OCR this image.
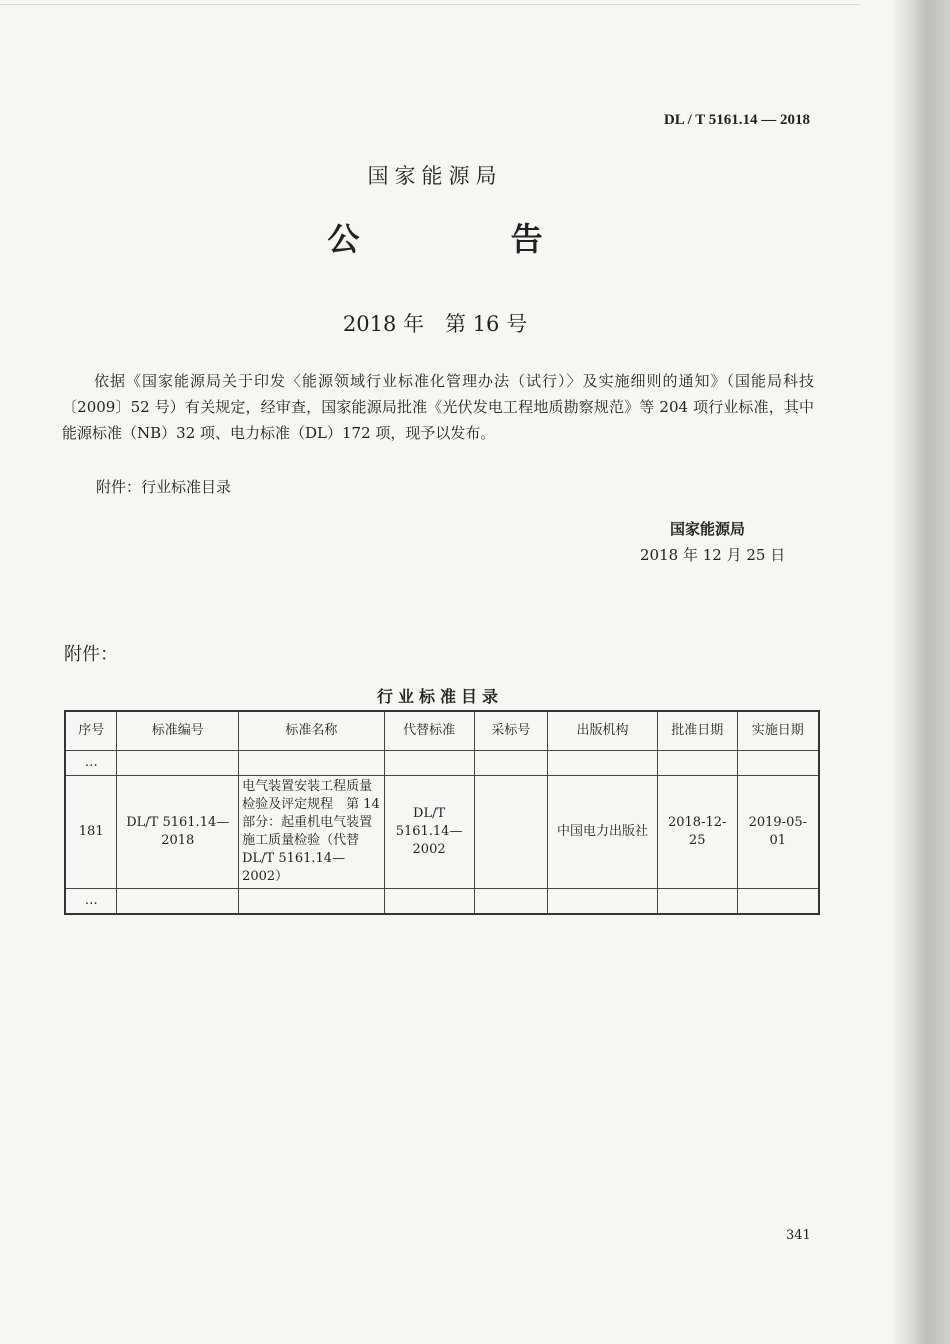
DL / T 5161.14 — 2018
国家能源局
公 告
2018 年　第 16 号
依据《国家能源局关于印发〈能源领域行业标准化管理办法（试行）〉及实施细则的通知》（国能局科技〔2009〕52 号）有关规定，经审查，国家能源局批准《光伏发电工程地质勘察规范》等 204 项行业标准，其中能源标准（NB）32 项、电力标准（DL）172 项，现予以发布。
附件：行业标准目录
国家能源局
2018 年 12 月 25 日
附件：
行业标准目录
序号	标准编号	标准名称	代替标准	采标号	出版机构	批准日期	实施日期
…							
181	DL/T 5161.14—2018	电气装置安装工程质量检验及评定规程　第 14 部分：起重机电气装置施工质量检验（代替 DL/T 5161.14—2002）	DL/T 5161.14—2002		中国电力出版社	2018-12-25	2019-05-01
…							
341
